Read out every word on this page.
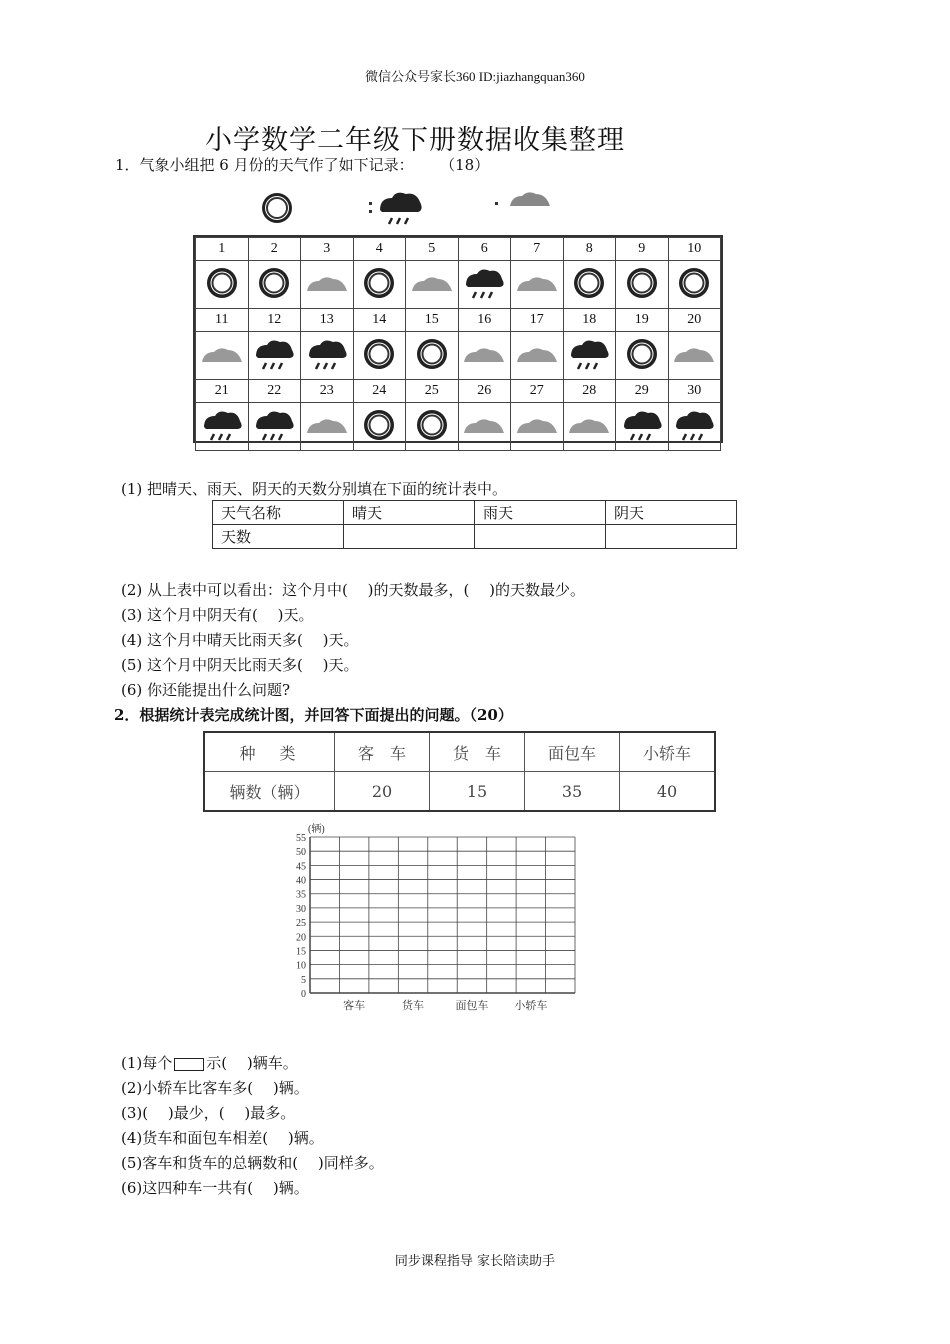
微信公众号家长360 ID:jiazhangquan360
小学数学二年级下册数据收集整理
1．气象小组把 6 月份的天气作了如下记录： （18）
1	2	3	4	5	6	7	8	9	10

11	12	13	14	15	16	17	18	19	20

21	22	23	24	25	26	27	28	29	30

(1) 把晴天、雨天、阴天的天数分别填在下面的统计表中。
天气名称	晴天	雨天	阴天
天数			
(2) 从上表中可以看出：这个月中(　 )的天数最多，(　 )的天数最少。
(3) 这个月中阴天有(　 )天。
(4) 这个月中晴天比雨天多(　 )天。
(5) 这个月中阴天比雨天多(　 )天。
(6) 你还能提出什么问题?
2．根据统计表完成统计图，并回答下面提出的问题。（20）
种　类	客　车	货　车	面包车	小轿车
辆数（辆）	20	15	35	40
(辆)
0
5
10
15
20
25
30
35
40
45
50
55
客车	货车	面包车 小轿车
(1)每个 示(　 )辆车。
(2)小轿车比客车多(　 )辆。
(3)(　 )最少，(　 )最多。
(4)货车和面包车相差(　 )辆。
(5)客车和货车的总辆数和(　 )同样多。
(6)这四种车一共有(　 )辆。
同步课程指导 家长陪读助手
